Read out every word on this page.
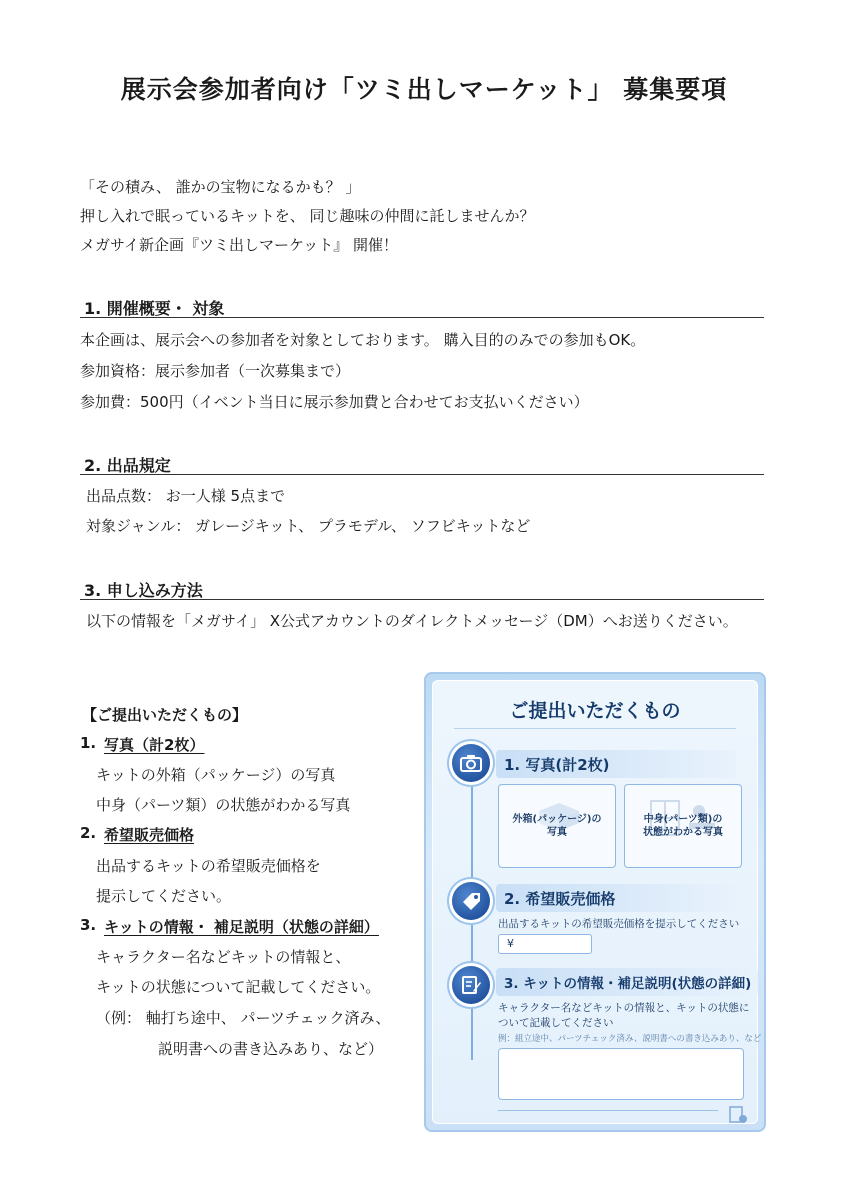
展示会参加者向け「ツミ出しマーケット」 募集要項
「その積み、 誰かの宝物になるかも？ 」
押し入れで眠っているキットを、 同じ趣味の仲間に託しませんか？
メガサイ新企画『ツミ出しマーケット』 開催！
1. 開催概要・ 対象
本企画は、展示会への参加者を対象としております。 購入目的のみでの参加もOK。
参加資格：展示参加者（一次募集まで）
参加費：500円（イベント当日に展示参加費と合わせてお支払いください）
2. 出品規定
出品点数： お一人様 5点まで
対象ジャンル： ガレージキット、 プラモデル、 ソフビキットなど
3. 申し込み方法
以下の情報を「メガサイ」 X公式アカウントのダイレクトメッセージ（DM）へお送りください。
【ご提出いただくもの】
1. 写真（計2枚）
キットの外箱（パッケージ）の写真
中身（パーツ類）の状態がわかる写真
2. 希望販売価格
出品するキットの希望販売価格を
提示してください。
3. キットの情報・ 補足説明（状態の詳細）
キャラクター名などキットの情報と、
キットの状態について記載してください。
（例： 軸打ち途中、 パーツチェック済み、
説明書への書き込みあり、など）
ご提出いただくもの
1. 写真(計2枚)
外箱(パッケージ)の
写真
中身(パーツ類)の
状態がわかる写真
2. 希望販売価格
出品するキットの希望販売価格を提示してください
¥
3. キットの情報・補足説明(状態の詳細)
キャラクター名などキットの情報と、キットの状態に
ついて記載してください
例：組立途中、パーツチェック済み、説明書への書き込みあり、など
